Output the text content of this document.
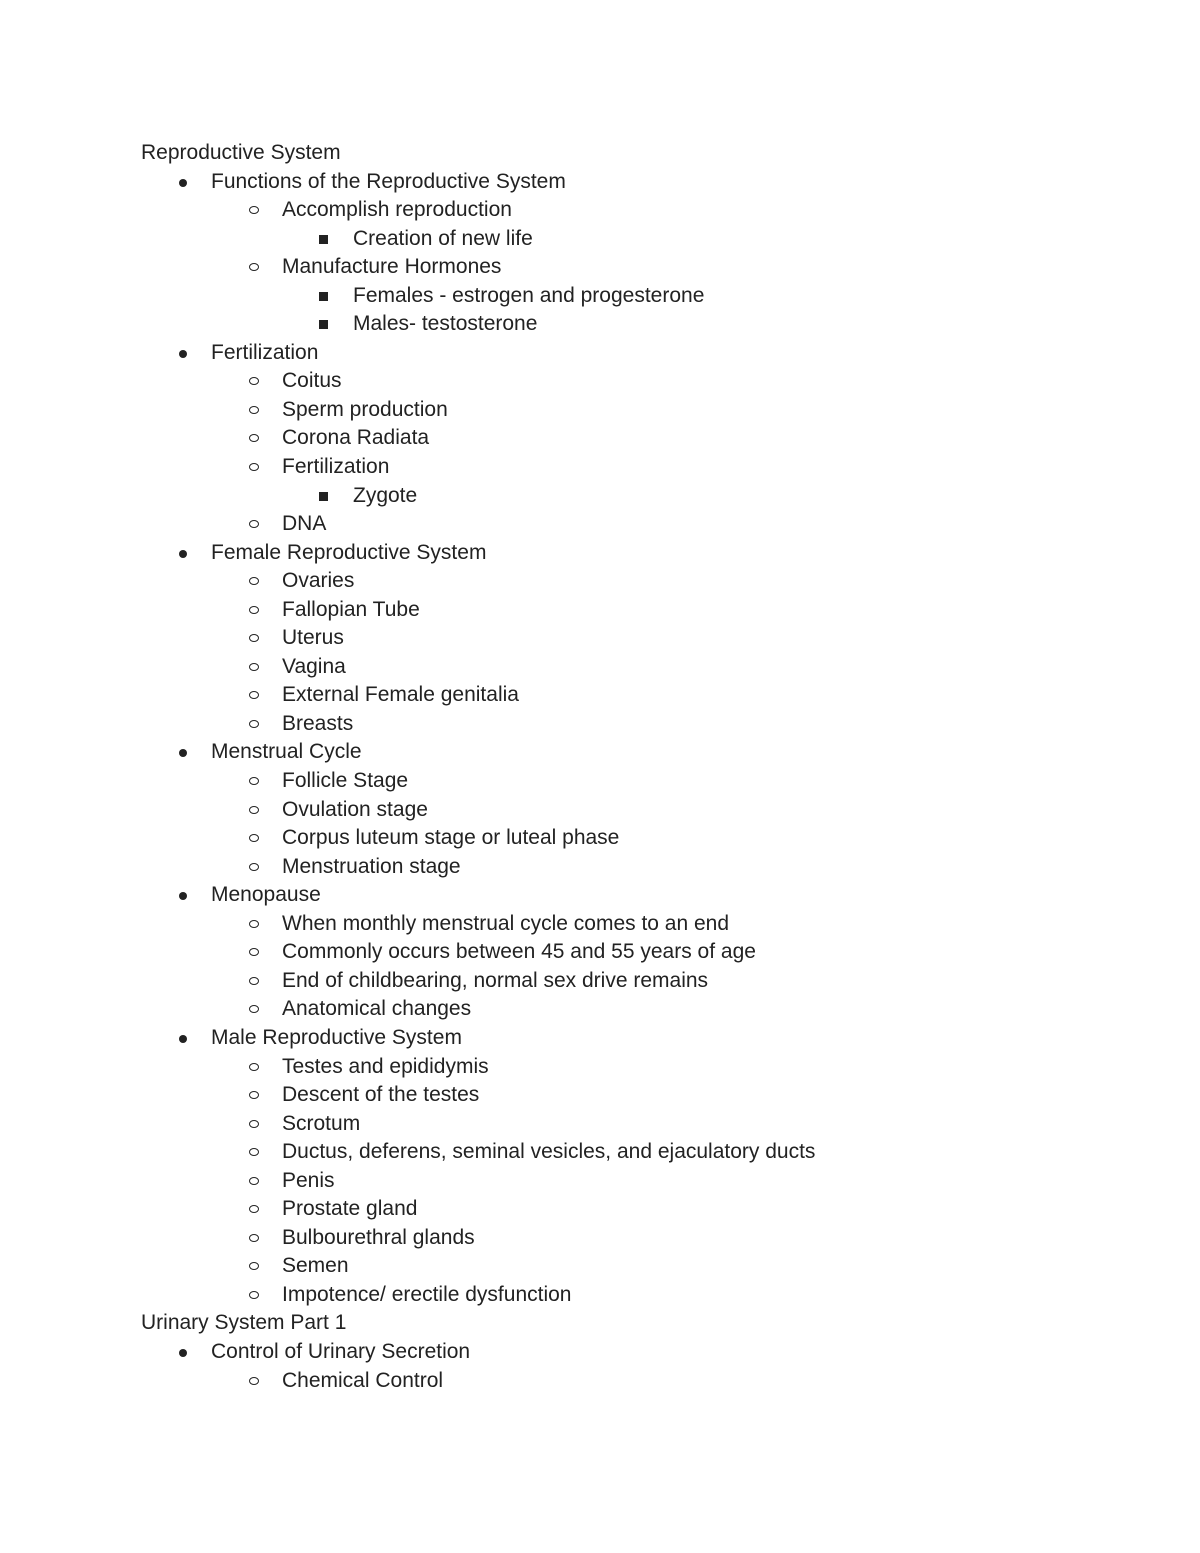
Reproductive System
Functions of the Reproductive System
Accomplish reproduction
Creation of new life
Manufacture Hormones
Females - estrogen and progesterone
Males- testosterone
Fertilization
Coitus
Sperm production
Corona Radiata
Fertilization
Zygote
DNA
Female Reproductive System
Ovaries
Fallopian Tube
Uterus
Vagina
External Female genitalia
Breasts
Menstrual Cycle
Follicle Stage
Ovulation stage
Corpus luteum stage or luteal phase
Menstruation stage
Menopause
When monthly menstrual cycle comes to an end
Commonly occurs between 45 and 55 years of age
End of childbearing, normal sex drive remains
Anatomical changes
Male Reproductive System
Testes and epididymis
Descent of the testes
Scrotum
Ductus, deferens, seminal vesicles, and ejaculatory ducts
Penis
Prostate gland
Bulbourethral glands
Semen
Impotence/ erectile dysfunction
Urinary System Part 1
Control of Urinary Secretion
Chemical Control
